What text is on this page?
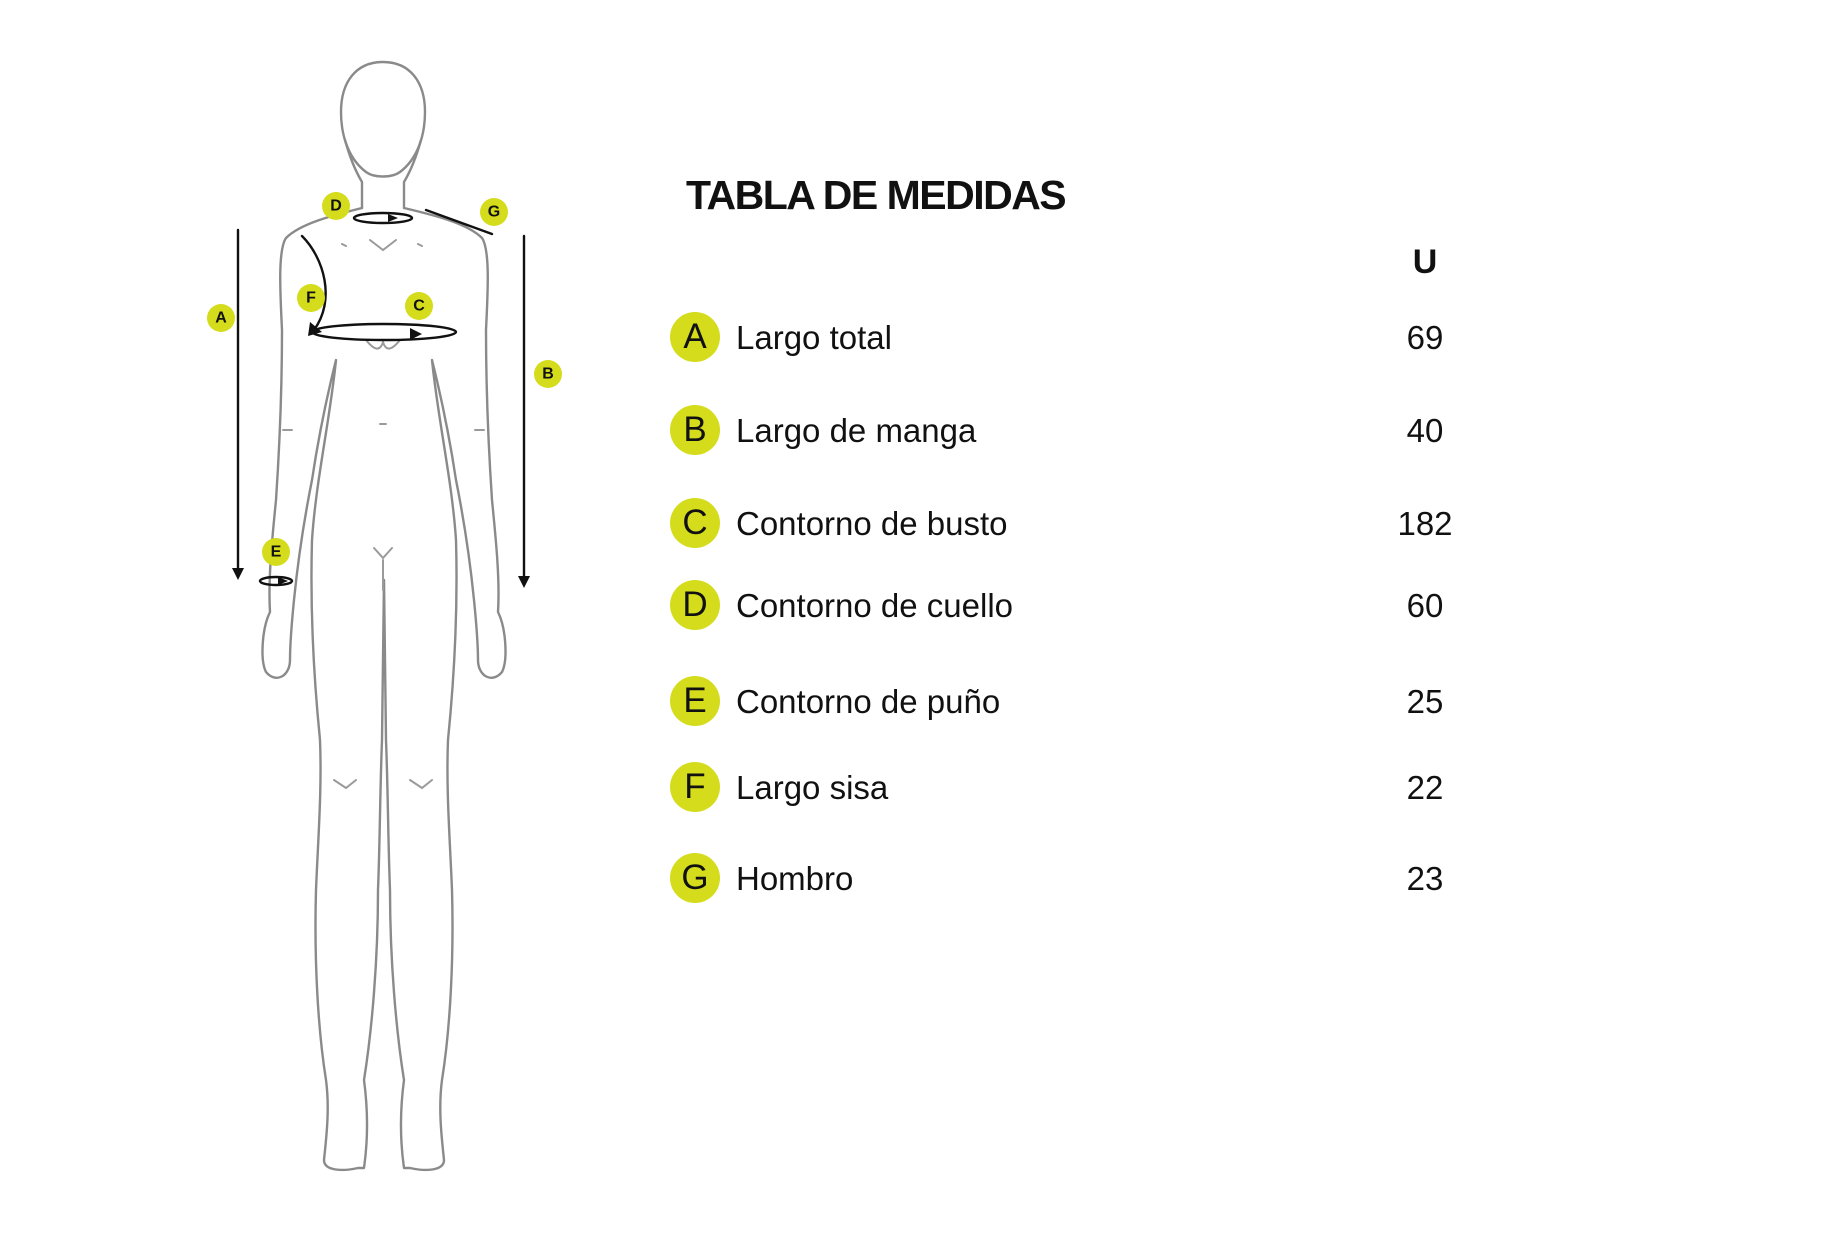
A
B
C
D
E
F
G	TABLA DE MEDIDAS
U
A Largo total	69
B Largo de manga	40
C Contorno de busto	182
D Contorno de cuello	60
E Contorno de puño	25
F Largo sisa	22
G Hombro	23
